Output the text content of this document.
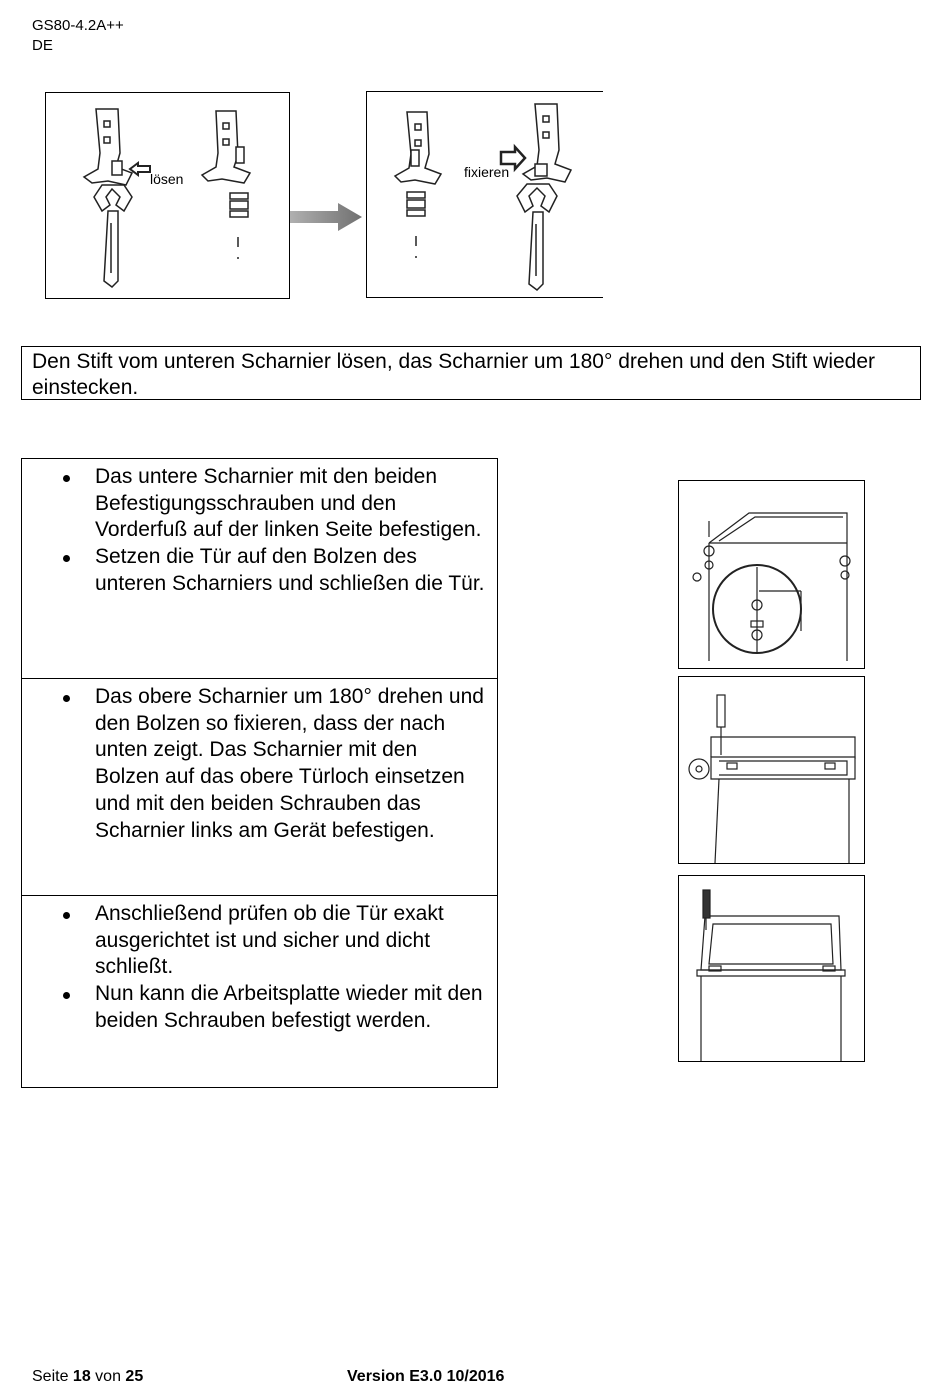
GS80-4.2A++
DE
lösen	fixieren
Den Stift vom unteren Scharnier lösen, das Scharnier um 180° drehen und den Stift wieder einstecken.
Das untere Scharnier mit den beiden Befestigungsschrauben und den Vorderfuß auf der linken Seite befestigen.
Setzen die Tür auf den Bolzen des unteren Scharniers und schließen die Tür.
Das obere Scharnier um 180° drehen und den Bolzen so fixieren, dass der nach unten zeigt. Das Scharnier mit den Bolzen auf das obere Türloch einsetzen und mit den beiden Schrauben das Scharnier links am Gerät befestigen.
Anschließend prüfen ob die Tür exakt ausgerichtet ist und sicher und dicht schließt.
Nun kann die Arbeitsplatte wieder mit den beiden Schrauben befestigt werden.
Seite 18 von 25	Version E3.0 10/2016
